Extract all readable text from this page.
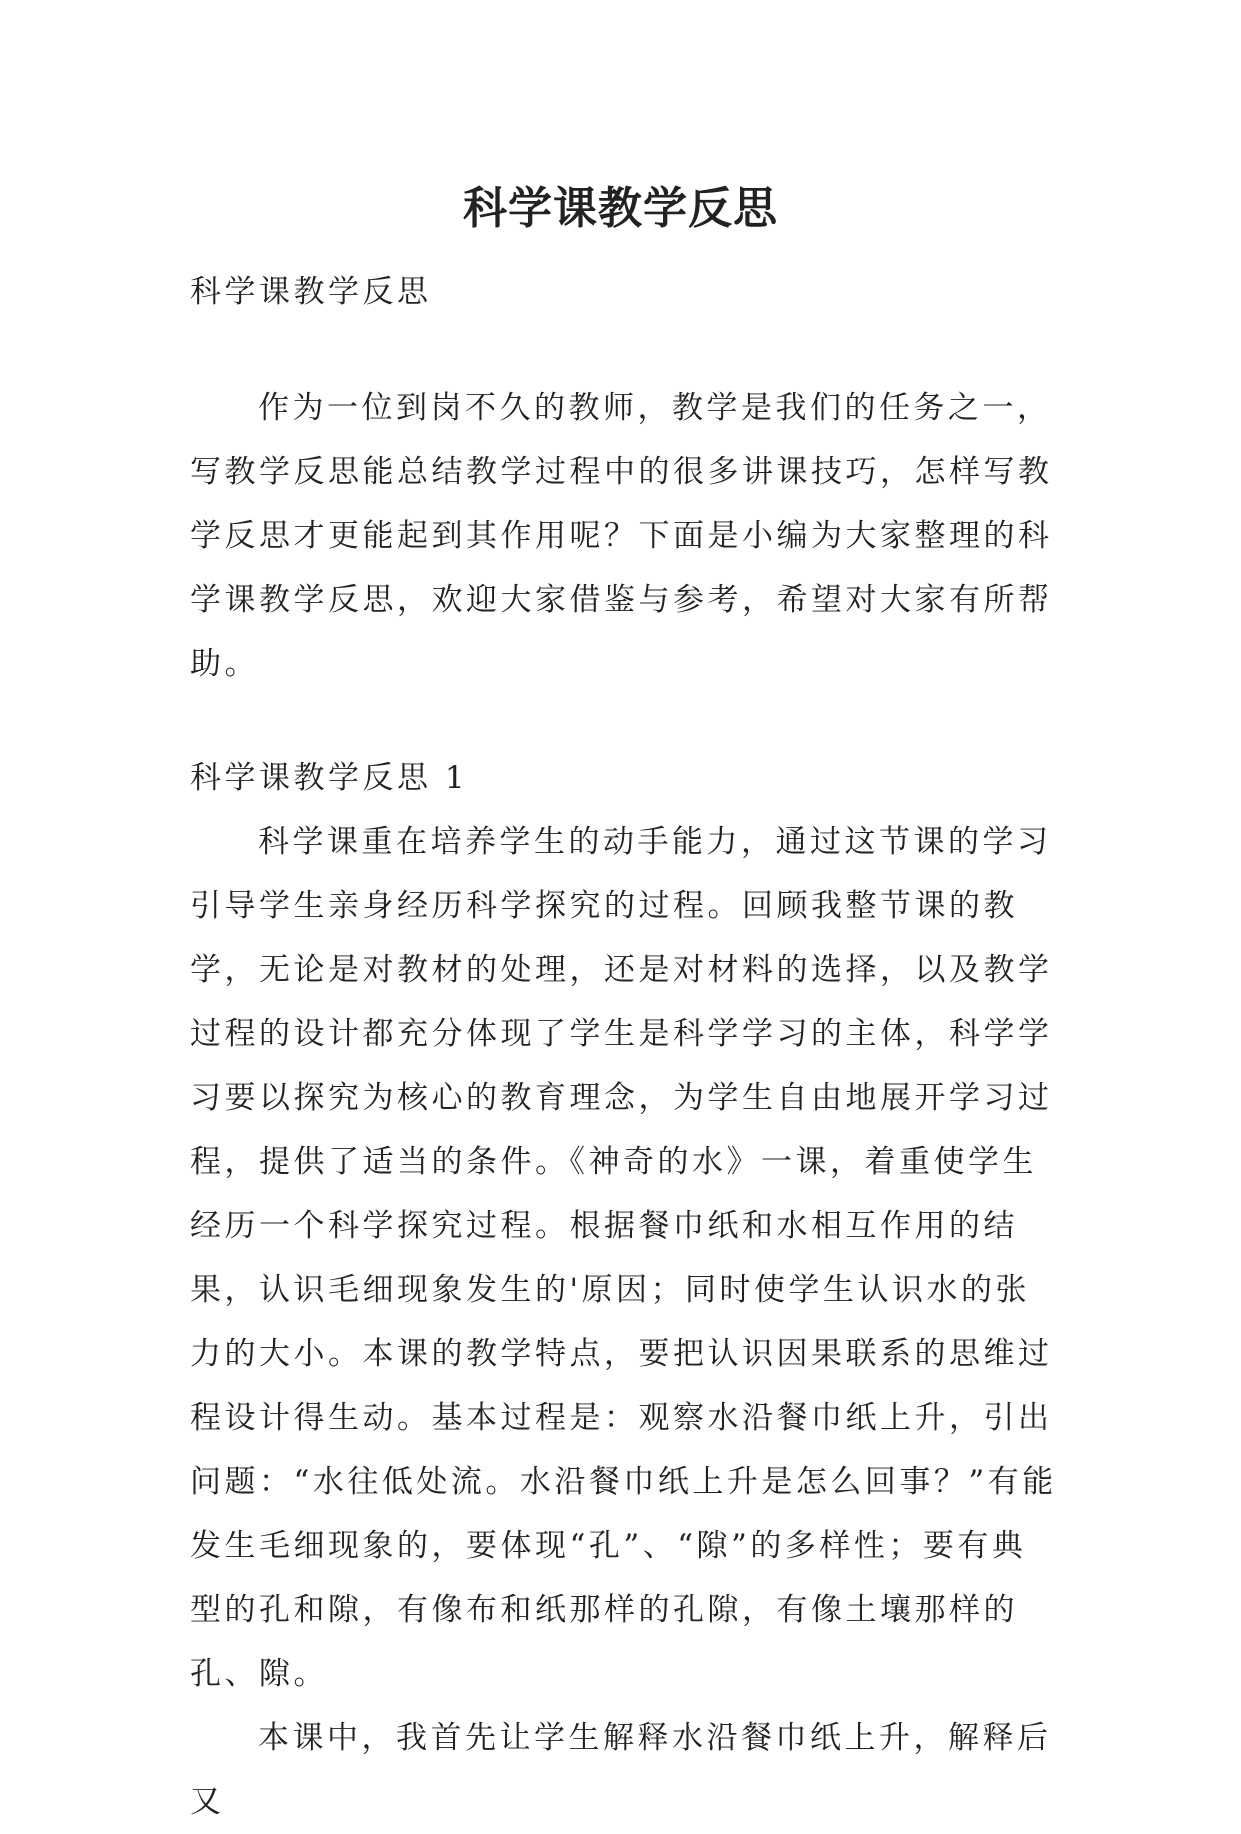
科学课教学反思

科学课教学反思

作为一位到岗不久的教师，教学是我们的任务之一，写教学反思能总结教学过程中的很多讲课技巧，怎样写教学反思才更能起到其作用呢？下面是小编为大家整理的科学课教学反思，欢迎大家借鉴与参考，希望对大家有所帮助。

科学课教学反思 1

科学课重在培养学生的动手能力，通过这节课的学习引导学生亲身经历科学探究的过程。回顾我整节课的教学，无论是对教材的处理，还是对材料的选择，以及教学过程的设计都充分体现了学生是科学学习的主体，科学学习要以探究为核心的教育理念，为学生自由地展开学习过程，提供了适当的条件。《神奇的水》一课，着重使学生经历一个科学探究过程。根据餐巾纸和水相互作用的结果，认识毛细现象发生的'原因；同时使学生认识水的张力的大小。本课的教学特点，要把认识因果联系的思维过程设计得生动。基本过程是：观察水沿餐巾纸上升，引出问题：“水往低处流。水沿餐巾纸上升是怎么回事？”有能发生毛细现象的，要体现“孔”、“隙”的多样性；要有典型的孔和隙，有像布和纸那样的孔隙，有像土壤那样的孔、隙。

本课中，我首先让学生解释水沿餐巾纸上升，解释后又
